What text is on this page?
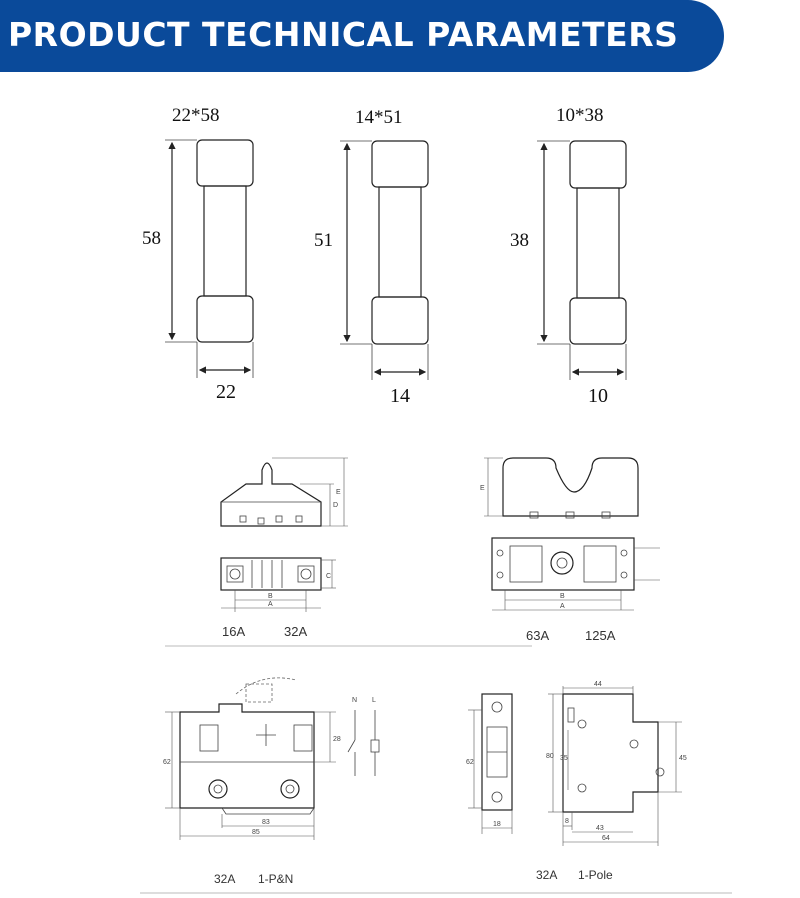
PRODUCT TECHNICAL PARAMETERS
D
E
C
B
A
E
B
A
62
28
83
85
N L
62
18
44
80 35	45
8
43
64
22*58
58
22
14*51
51
14
10*38
38
10
16A	32A	63A	125A
32A 1-P&N	32A 1-Pole
